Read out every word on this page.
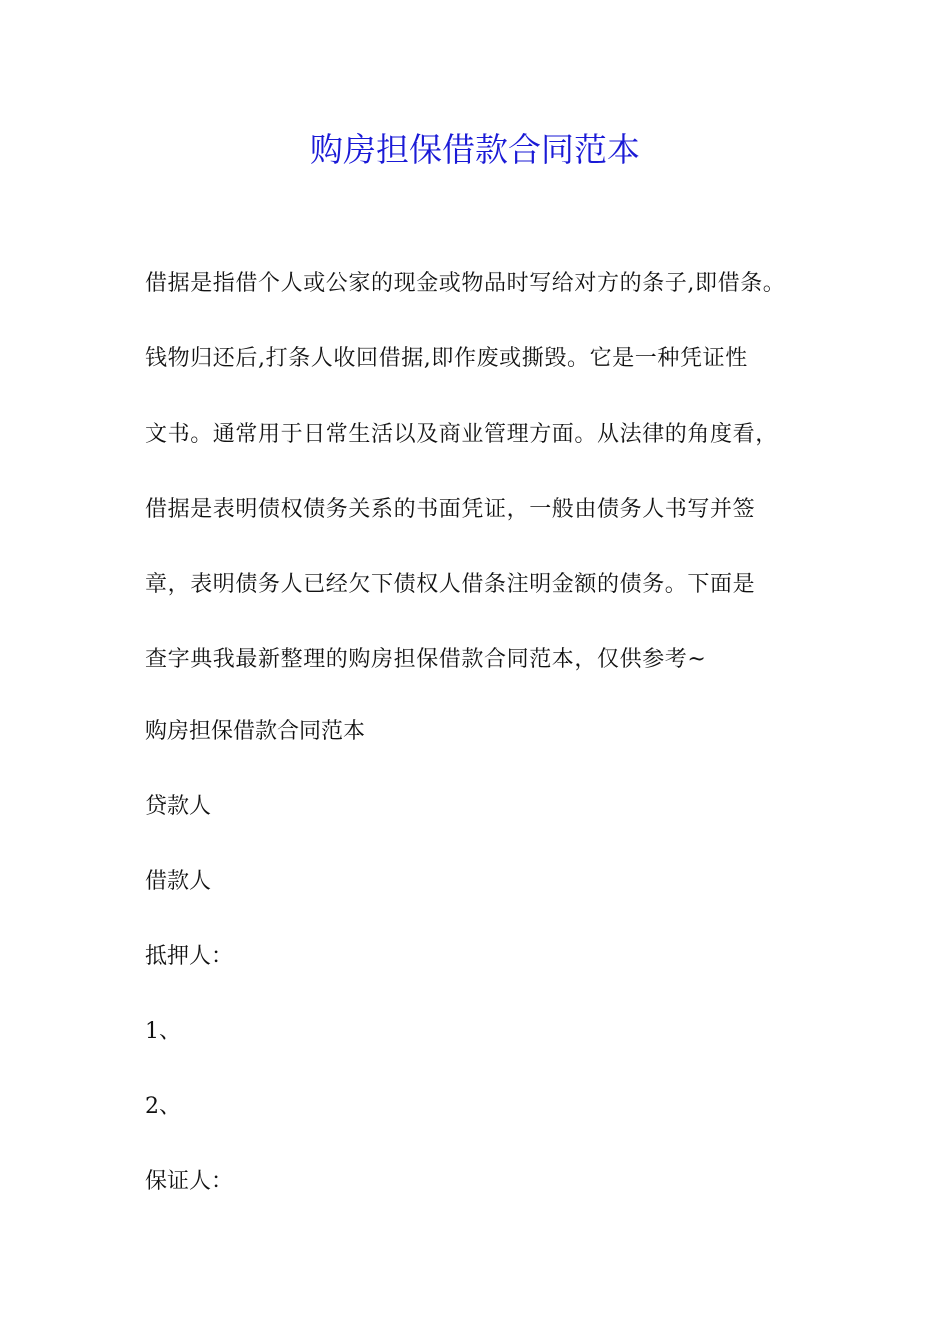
购房担保借款合同范本

借据是指借个人或公家的现金或物品时写给对方的条子,即借条。

钱物归还后,打条人收回借据,即作废或撕毁。它是一种凭证性

文书。通常用于日常生活以及商业管理方面。从法律的角度看，

借据是表明债权债务关系的书面凭证，一般由债务人书写并签

章，表明债务人已经欠下债权人借条注明金额的债务。下面是

查字典我最新整理的购房担保借款合同范本，仅供参考~

购房担保借款合同范本

贷款人

借款人

抵押人：

1、

2、

保证人：
